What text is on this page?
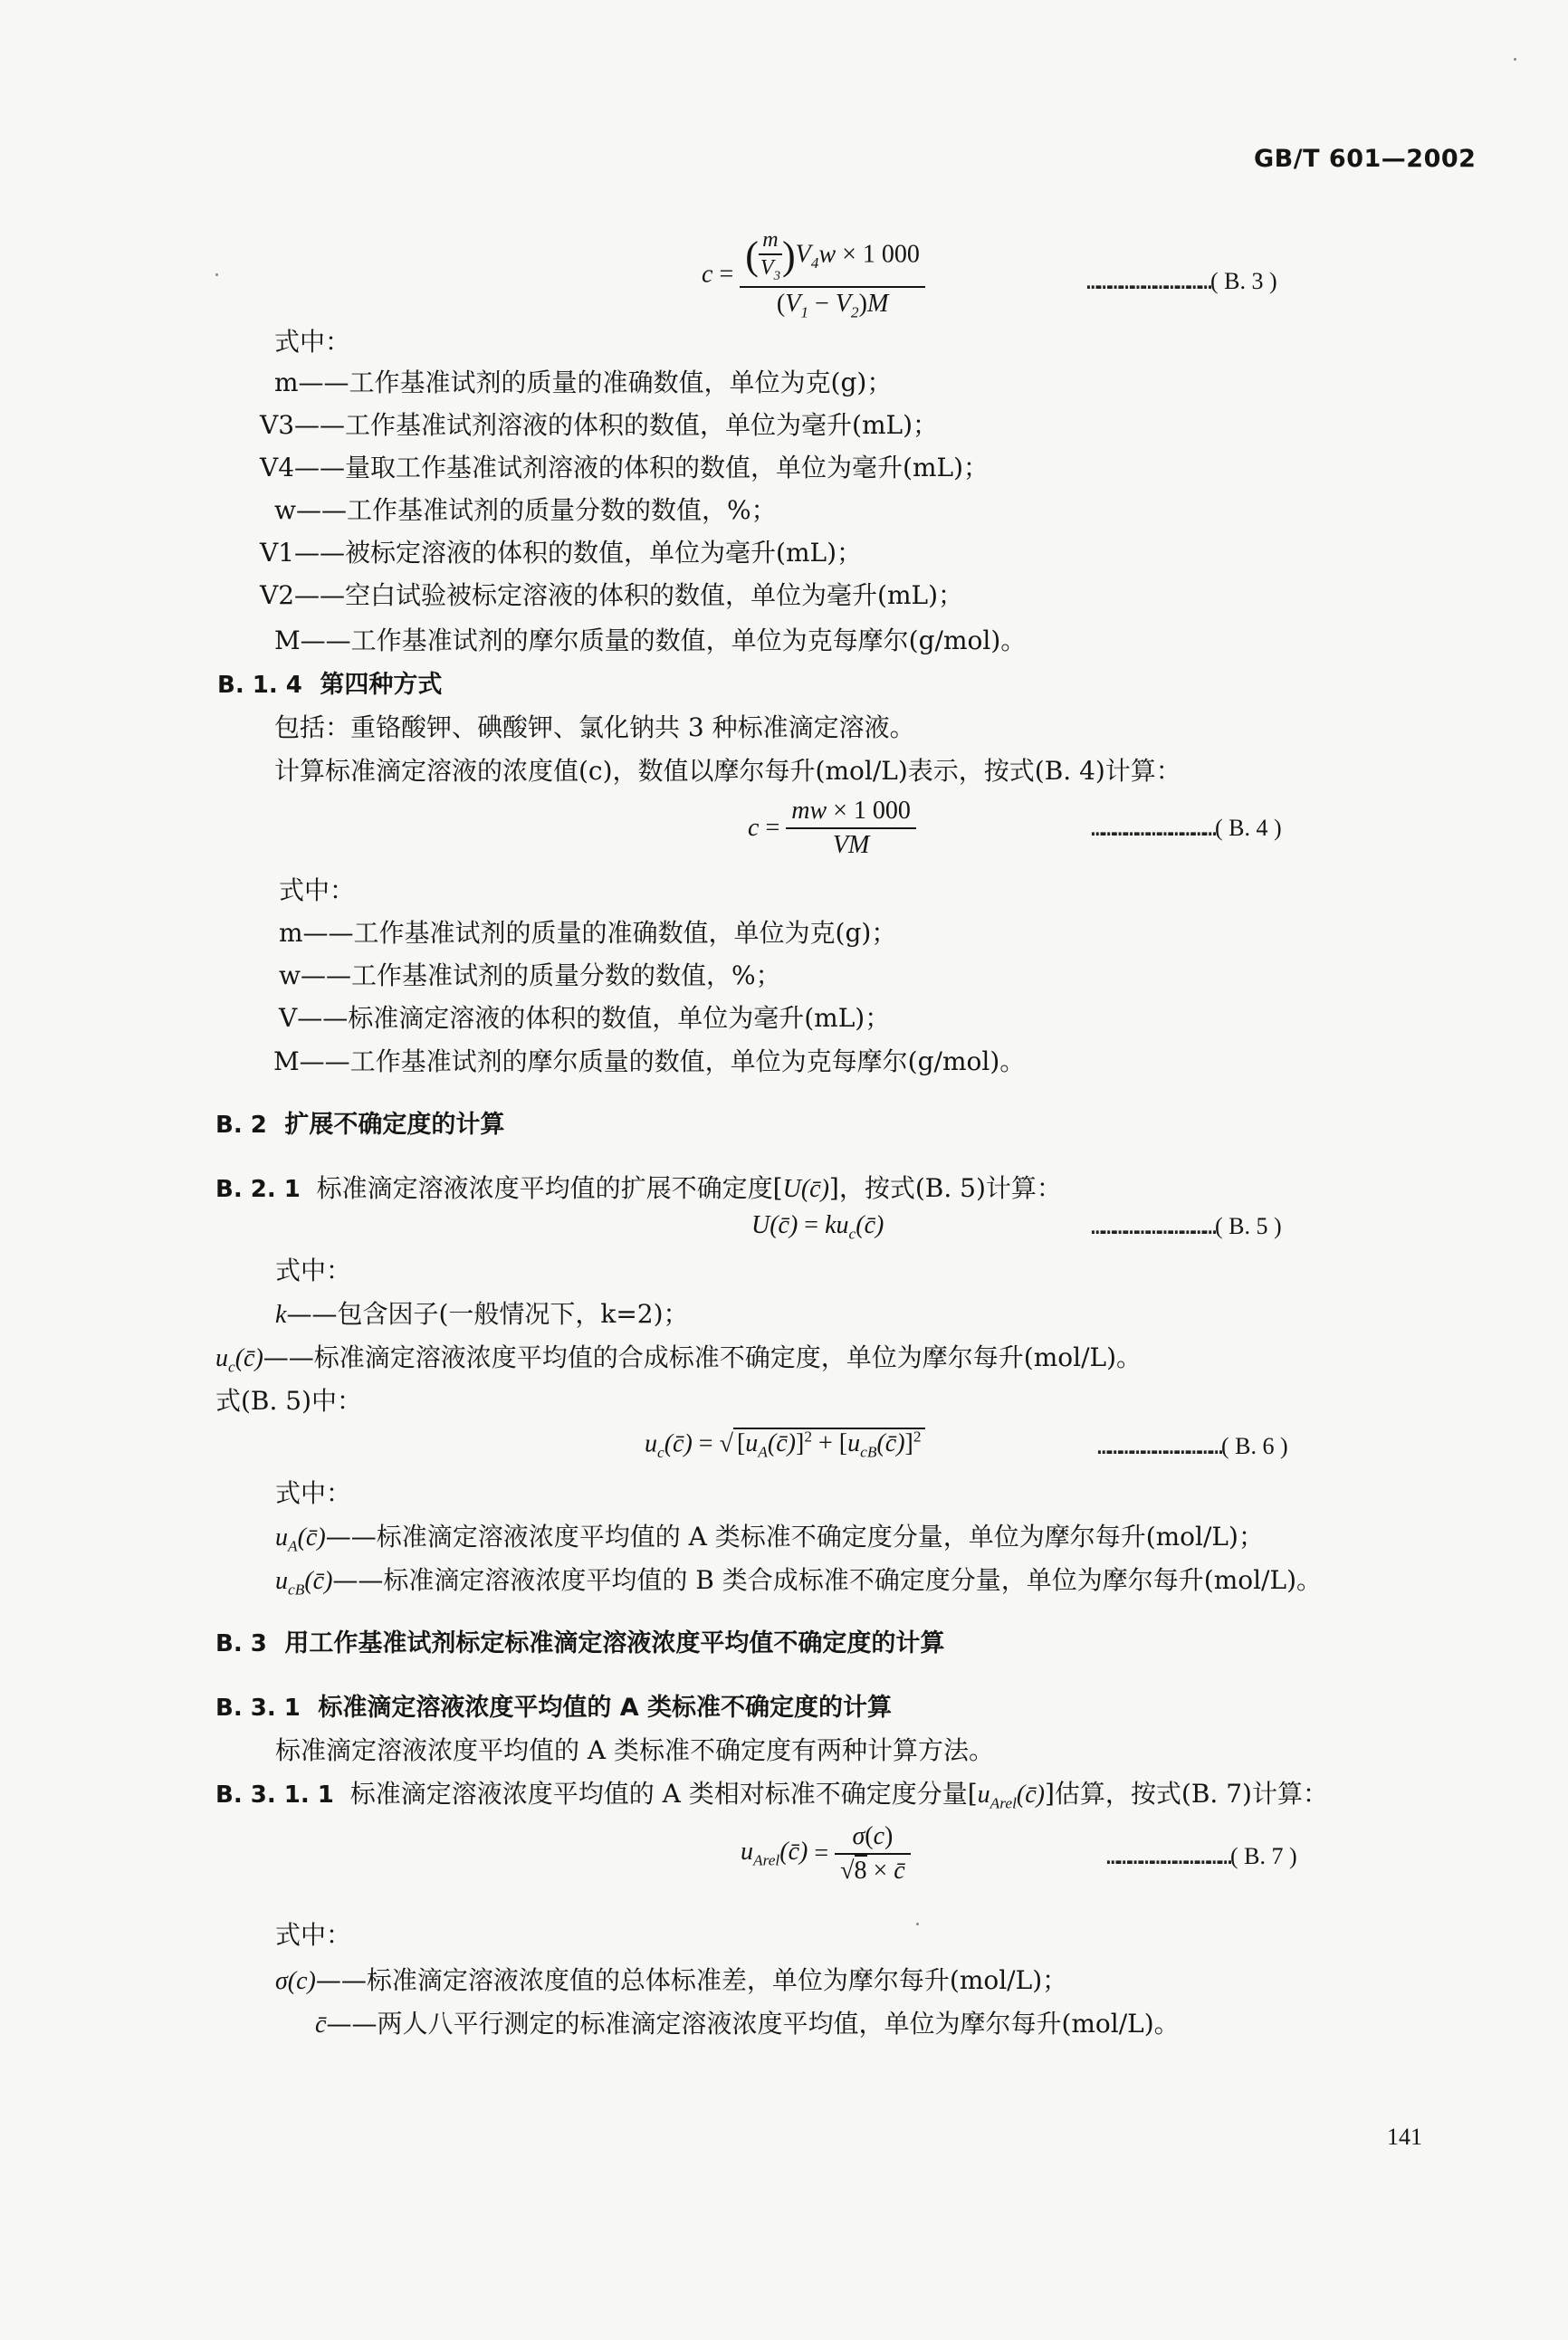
GB/T 601—2002
$c = \frac{( \frac{m}{V_3} )V_4w \times 1 000}{(V_1 - V_2)M}$	……………………………( B. 3 )
式中：
m——工作基准试剂的质量的准确数值，单位为克(g)；
V3——工作基准试剂溶液的体积的数值，单位为毫升(mL)；
V4——量取工作基准试剂溶液的体积的数值，单位为毫升(mL)；
w——工作基准试剂的质量分数的数值，%；
V1——被标定溶液的体积的数值，单位为毫升(mL)；
V2——空白试验被标定溶液的体积的数值，单位为毫升(mL)；
M——工作基准试剂的摩尔质量的数值，单位为克每摩尔(g/mol)。
B. 1. 4 第四种方式
包括：重铬酸钾、碘酸钾、氯化钠共 3 种标准滴定溶液。
计算标准滴定溶液的浓度值(c)，数值以摩尔每升(mol/L)表示，按式(B. 4)计算：
$c = \frac{mw \times 1 000}{VM}$	……………………………( B. 4 )
式中：
m——工作基准试剂的质量的准确数值，单位为克(g)；
w——工作基准试剂的质量分数的数值，%；
V——标准滴定溶液的体积的数值，单位为毫升(mL)；
M——工作基准试剂的摩尔质量的数值，单位为克每摩尔(g/mol)。
B. 2 扩展不确定度的计算
B. 2. 1 标准滴定溶液浓度平均值的扩展不确定度[U(c̄)]，按式(B. 5)计算：
U(c̄) = $ku_c(c̄)$	……………………………( B. 5 )
式中：
k——包含因子(一般情况下，k=2)；
$u_c(c̄)——$标准滴定溶液浓度平均值的合成标准不确定度，单位为摩尔每升(mol/L)。
式(B. 5)中：
$u_c(c̄)$ = √ $[u_A(c̄)]^2$ + $[u_{cB}(c̄)]^2$	……………………………( B. 6 )
式中：
$u_A(c̄)——$标准滴定溶液浓度平均值的 A 类标准不确定度分量，单位为摩尔每升(mol/L)；
$u_{cB}(c̄)——$标准滴定溶液浓度平均值的 B 类合成标准不确定度分量，单位为摩尔每升(mol/L)。
B. 3 用工作基准试剂标定标准滴定溶液浓度平均值不确定度的计算
B. 3. 1 标准滴定溶液浓度平均值的 A 类标准不确定度的计算
标准滴定溶液浓度平均值的 A 类标准不确定度有两种计算方法。
B. 3. 1. 1 标准滴定溶液浓度平均值的 A 类相对标准不确定度分量$[u_{Arel}(c̄)]$估算，按式(B. 7)计算：
$u_{Arel}(c̄) = \frac{\sigma(c)}{√8 \times c̄}$	……………………………( B. 7 )
式中：
σ(c)——标准滴定溶液浓度值的总体标准差，单位为摩尔每升(mol/L)；
c̄——两人八平行测定的标准滴定溶液浓度平均值，单位为摩尔每升(mol/L)。
141
